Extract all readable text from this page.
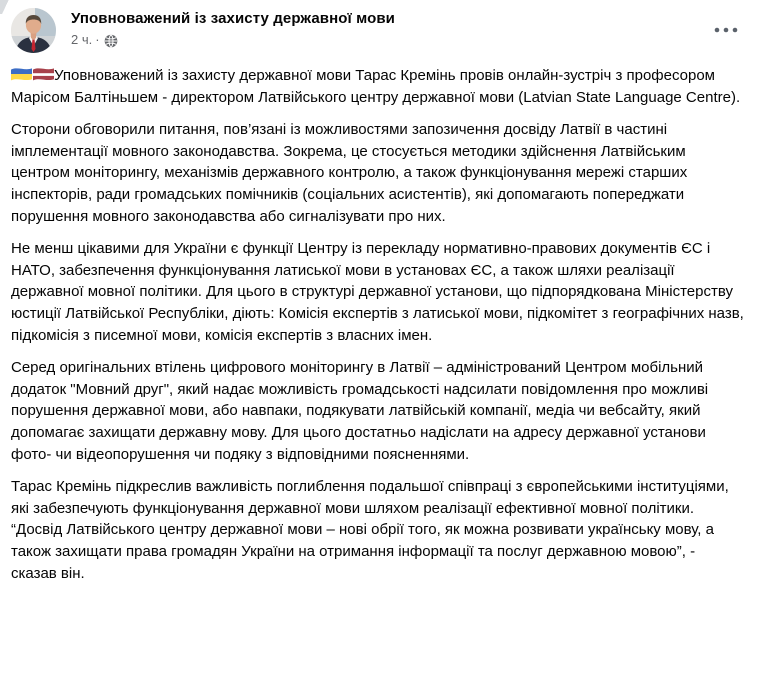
Уповноважений із захисту державної мови
2 ч. ·

Уповноважений із захисту державної мови Тарас Кремінь провів онлайн-зустріч з професором Марісом Балтіньшем - директором Латвійського центру державної мови (Latvian State Language Centre).

Сторони обговорили питання, пов’язані із можливостями запозичення досвіду Латвії в частині імплементації мовного законодавства. Зокрема, це стосується методики здійснення Латвійським центром моніторингу, механізмів державного контролю, а також функціонування мережі старших інспекторів, ради громадських помічників (соціальних асистентів), які допомагають попереджати порушення мовного законодавства або сигналізувати про них.

Не менш цікавими для України є функції Центру із перекладу нормативно-правових документів ЄС і НАТО, забезпечення функціонування латиської мови в установах ЄС, а також шляхи реалізації державної мовної політики. Для цього в структурі державної установи, що підпорядкована Міністерству юстиції Латвійської Республіки, діють: Комісія експертів з латиської мови, підкомітет з географічних назв, підкомісія з писемної мови, комісія експертів з власних імен.

Серед оригінальних втілень цифрового моніторингу в Латвії – адміністрований Центром мобільний додаток "Мовний друг", який надає можливість громадськості надсилати повідомлення про можливі порушення державної мови, або навпаки, подякувати латвійській компанії, медіа чи вебсайту, який допомагає захищати державну мову. Для цього достатньо надіслати на адресу державної установи фото- чи відеопорушення чи подяку з відповідними поясненнями.

Тарас Кремінь підкреслив важливість поглиблення подальшої співпраці з європейськими інституціями, які забезпечують функціонування державної мови шляхом реалізації ефективної мовної політики. “Досвід Латвійського центру державної мови – нові обрії того, як можна розвивати українську мову, а також захищати права громадян України на отримання інформації та послуг державною мовою”, - сказав він.
